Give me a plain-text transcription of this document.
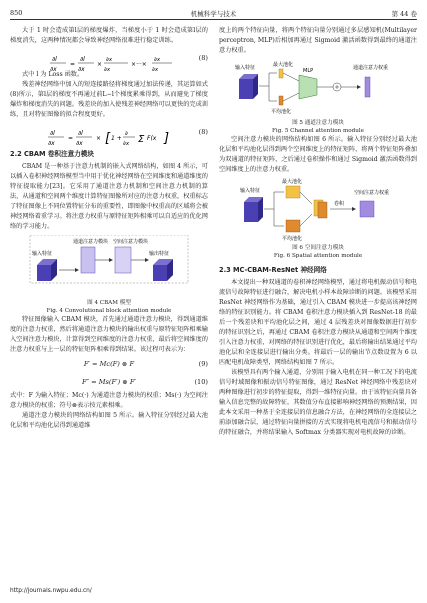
850	机械科学与技术	第 44 卷

大于 1 时会造成第l层的梯度爆炸，当梯度小于 1 时会造成第l层的梯度消失，这两种情况都会导致神经网络很难进行稳定训练。

∂l
∂x
=
∂l
∂x
×
∂x
∂x
×···×
∂x
∂x
(8)

式中 l 为 Loss 函数。

残差神经网络中加入的短连接路径将梯度通过加法传递，其运算如式(8)所示，第l层的梯度不再通过前L−l个梯度累乘得到，从而避免了梯度爆炸和梯度消失的问题。残差块的加入使残差神经网络可以更快的完成训练，且对特征图像的拟合程度更好。

∂l
∂x
=
∂l
∂x
× [ 1 +
∂
∂x Σ F(x ]	(8)
2.2 CBAM 卷积注意力模块

CBAM 是一种基于注意力机制的嵌入式网络结构，如图 4 所示，可以插入卷积神经网络模型当中用于优化神经网络在空间维度和通道维度的特征提取能力[23]。它采用了通道注意力机制和空间注意力机制的算法，从通道和空间两个维度计算特征图像所对应的注意力权重，权重标志了特征图像上不同位置特征分布的重要性，即图像中权重高的区域将会被神经网络着重学习。将注意力权重与原特征矩阵相乘可以自适应的优化网络的学习能力。

输入特征
通道注意力模块 空间注意力模块
输出特征
图 4 CBAM 模型
Fig. 4 Convolutional block attention module

特征图像输入 CBAM 模块，首先通过通道注意力模块，得到通道维度的注意力权重，然后将通道注意力模块的输出权重与原特征矩阵相乘输入空间注意力模块，计算得到空间维度的注意力权重，最后将空间维度的注意力权重与上一层的特征矩阵相乘得到结果。该过程可表示为：

F′ = Mc(F) ⊗ F	(9)
F″ = Ms(F′) ⊗ F′	(10)

式中：F 为输入特征；Mc(·) 为通道注意力模块的权重；Ms(·) 为空间注意力模块的权重；符号⊗表示按元素相乘。

通道注意力模块的网络结构如图 5 所示。输入特征分别经过最大池化层和平均池化层得到通道维

度上的两个特征向量，将两个特征向量分别通过多层感知机(Multilayer perceptron, MLP)后相加再通过 Sigmoid 激活函数得到最终的通道注意力权重。

输入特征	最大池化
MLP
平均池化
通道注意力权重
图 5 通道注意力模块
Fig. 5 Channel attention module

空间注意力模块的网络结构如图 6 所示。输入特征分别经过最大池化层和平均池化层得到两个空间维度上的特征矩阵，将两个特征矩阵叠加为双通道的特征矩阵，之后通过卷积操作和通过 Sigmoid 激活函数得到空间维度上的注意力权重。

最大池化
输入特征
卷积
空间注意力权重
平均池化
图 6 空间注意力模块
Fig. 6 Spatial attention module
2.3 MC-CBAM-ResNet 神经网络

本文提出一种双通道的卷积神经网络模型，通过将电机振动信号和电流信号故障特征进行融合，解决电机小样本故障诊断的问题。该模型采用 ResNet 神经网络作为基础，通过引入 CBAM 模块进一步提高该神经网络的特征识别能力。将 CBAM 卷积注意力模块插入到 ResNet-18 的最后一个残差块和平均池化层之间，通过 4 层残差块对图像数据进行初步的特征识别之后，再通过 CBAM 卷积注意力模块从通道和空间两个维度引入注意力权重，对网络的特征识别进行优化，最后将输出结果通过平均池化层和全连接层进行输出分类。将最后一层的输出节点数设置为 6 以匹配电机故障类型，网络结构如图 7 所示。

该模型具有两个输入通道，分别用于输入电机在同一种工况下的电流信号时域图像和振动信号特征图像，通过 ResNet 神经网络中残差块对两种图像进行初步的特征提取，得到一维特征向量。由于该特征向量具备输入信息完整的故障特征，其数值分布直接影响神经网络的预测结果，因此本文采用一种基于全连接层的信息融合方法，在神经网络的全连接层之前添加融合层，通过特征向量拼接的方式实现将电机电流信号和振动信号的特征融合，并将结果输入 Softmax 分类器实现对电机故障的诊断。

http://journals.nwpu.edu.cn/
